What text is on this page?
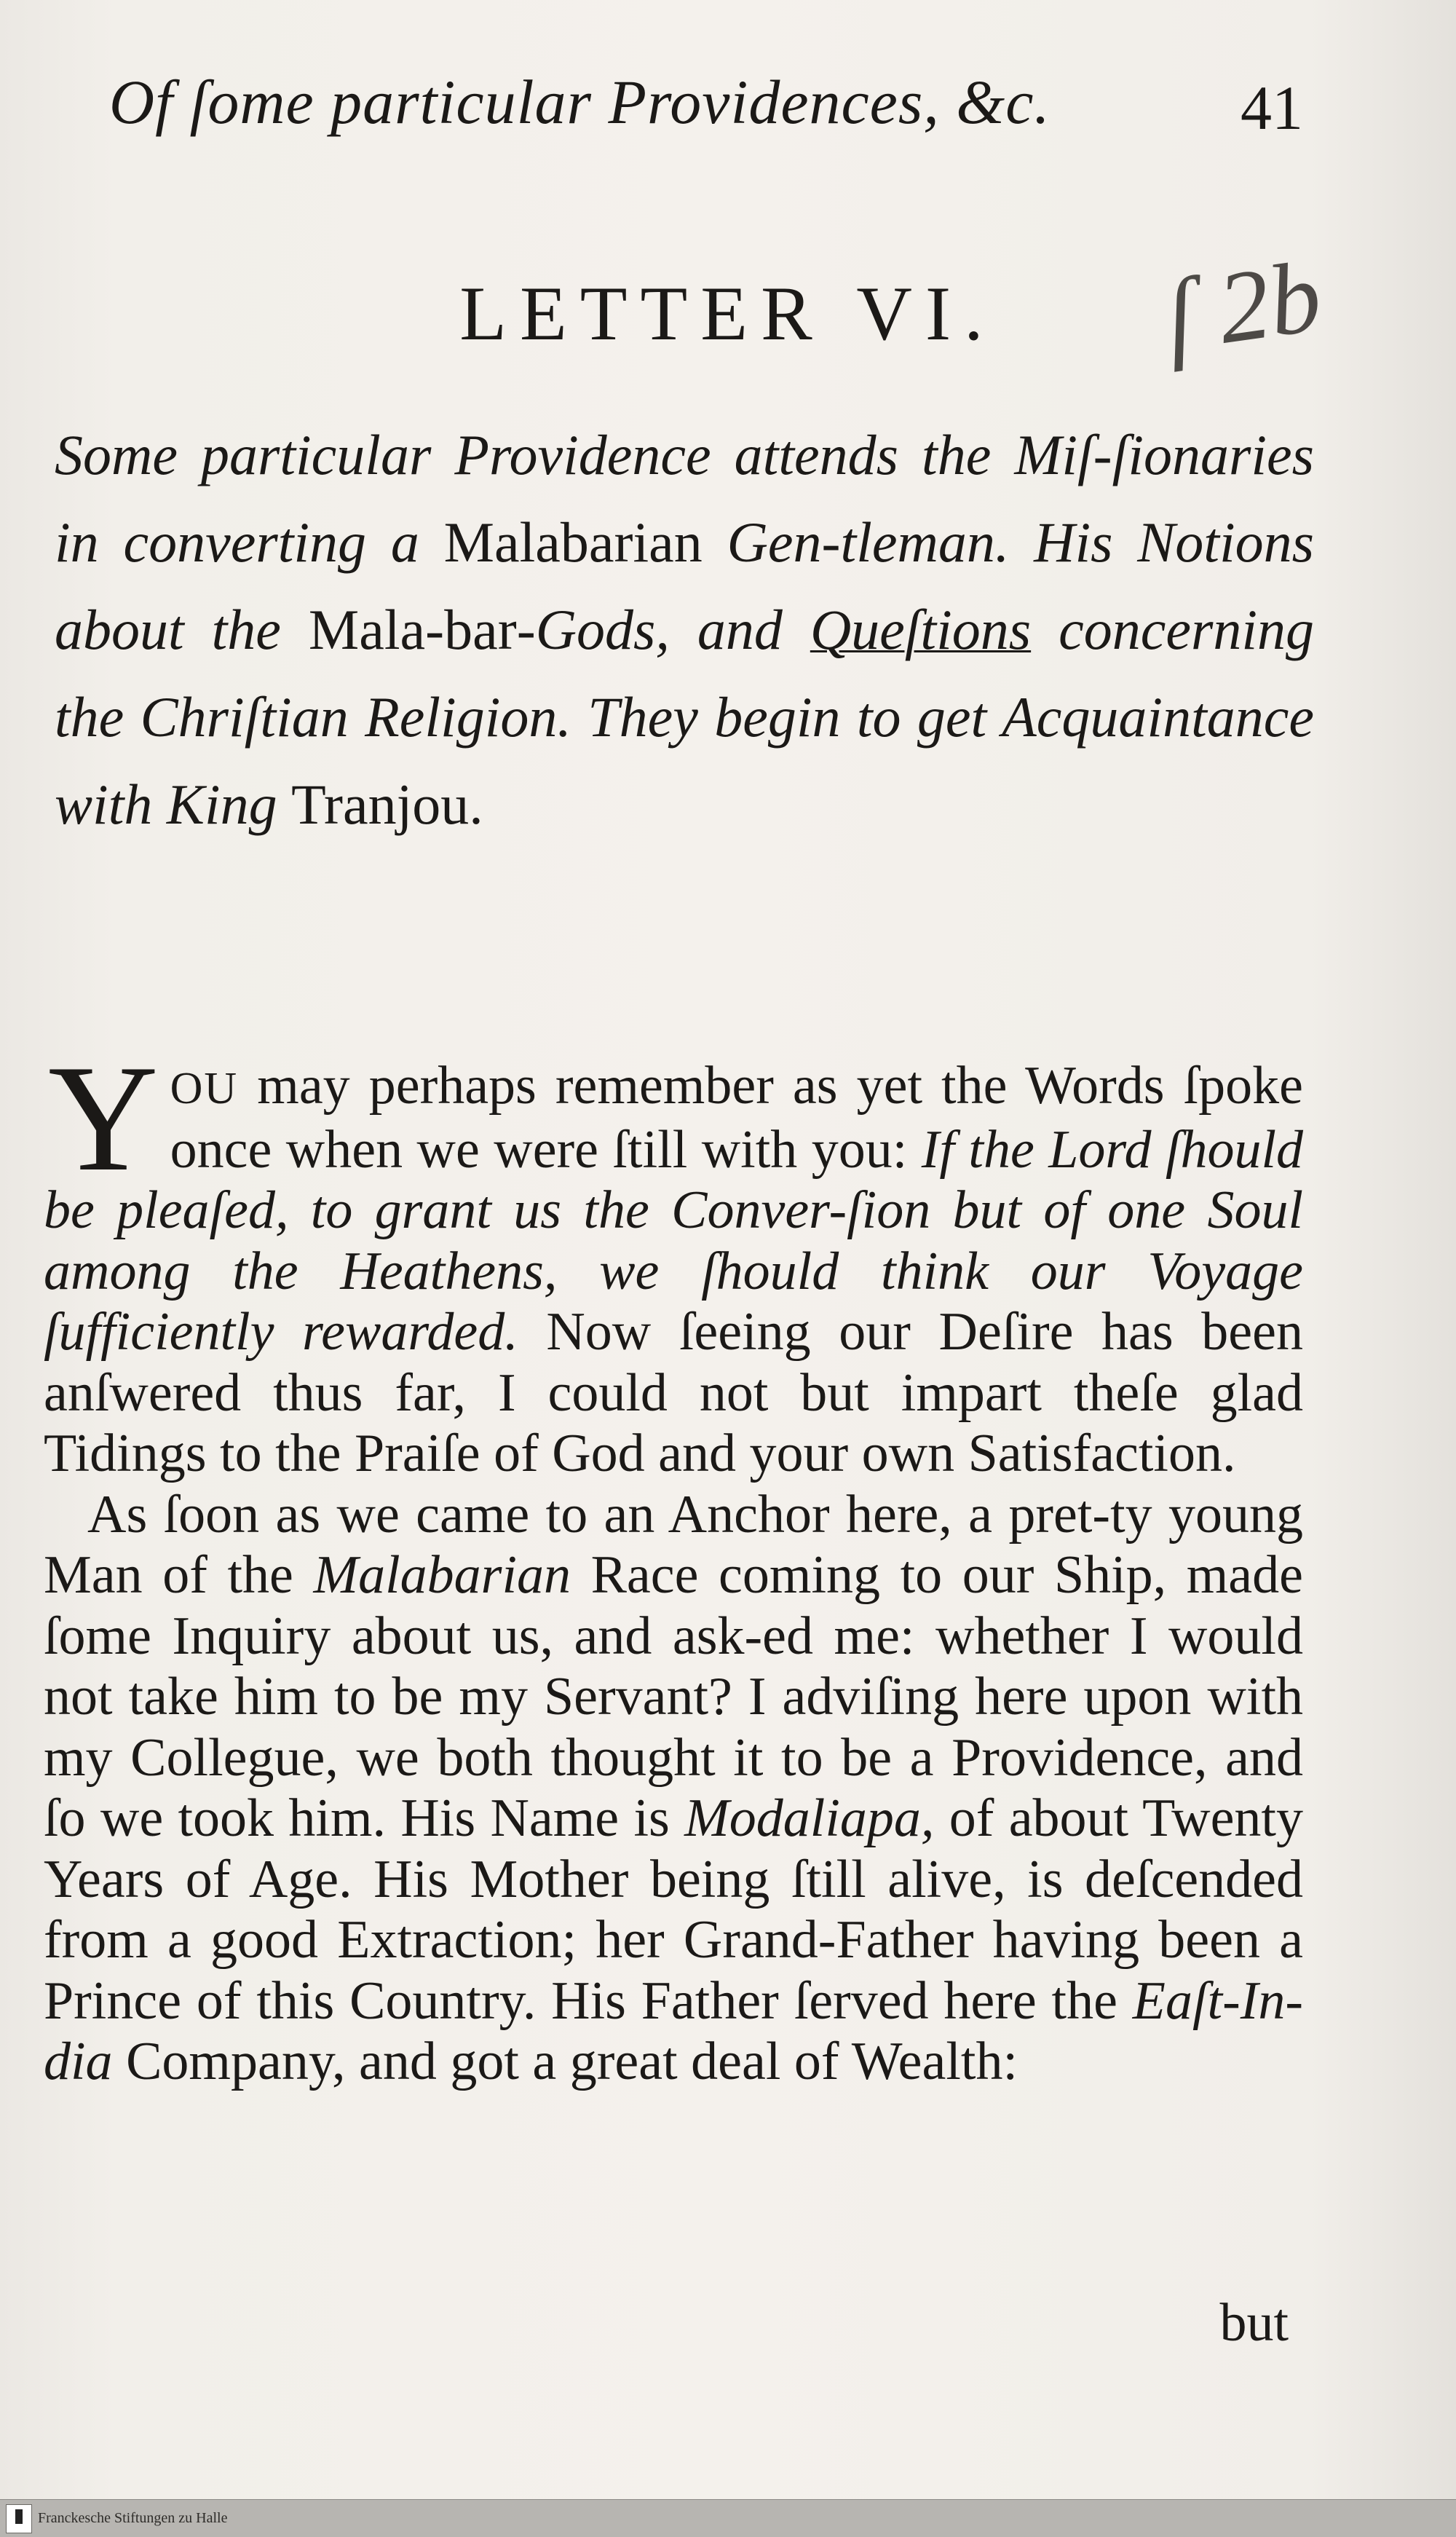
Of ſome particular Providences, &c.	41
LETTER VI.	ſ 2b
Some particular Providence attends the Miſ-ſionaries in converting a Malabarian Gen-tleman. His Notions about the Mala-bar-Gods, and Queſtions concerning the Chriſtian Religion. They begin to get Acquaintance with King Tranjou.

YOU may perhaps remember as yet the Words ſpoke once when we were ſtill with you: If the Lord ſhould be pleaſed, to grant us the Conver-ſion but of one Soul among the Heathens, we ſhould think our Voyage ſufficiently rewarded. Now ſeeing our Deſire has been anſwered thus far, I could not but impart theſe glad Tidings to the Praiſe of God and your own Satisfaction.

As ſoon as we came to an Anchor here, a pret-ty young Man of the Malabarian Race coming to our Ship, made ſome Inquiry about us, and ask-ed me: whether I would not take him to be my Servant? I adviſing here upon with my Collegue, we both thought it to be a Providence, and ſo we took him. His Name is Modaliapa, of about Twenty Years of Age. His Mother being ſtill alive, is deſcended from a good Extraction; her Grand-Father having been a Prince of this Country. His Father ſerved here the Eaſt-In-dia Company, and got a great deal of Wealth:

but
Franckesche Stiftungen zu Halle
